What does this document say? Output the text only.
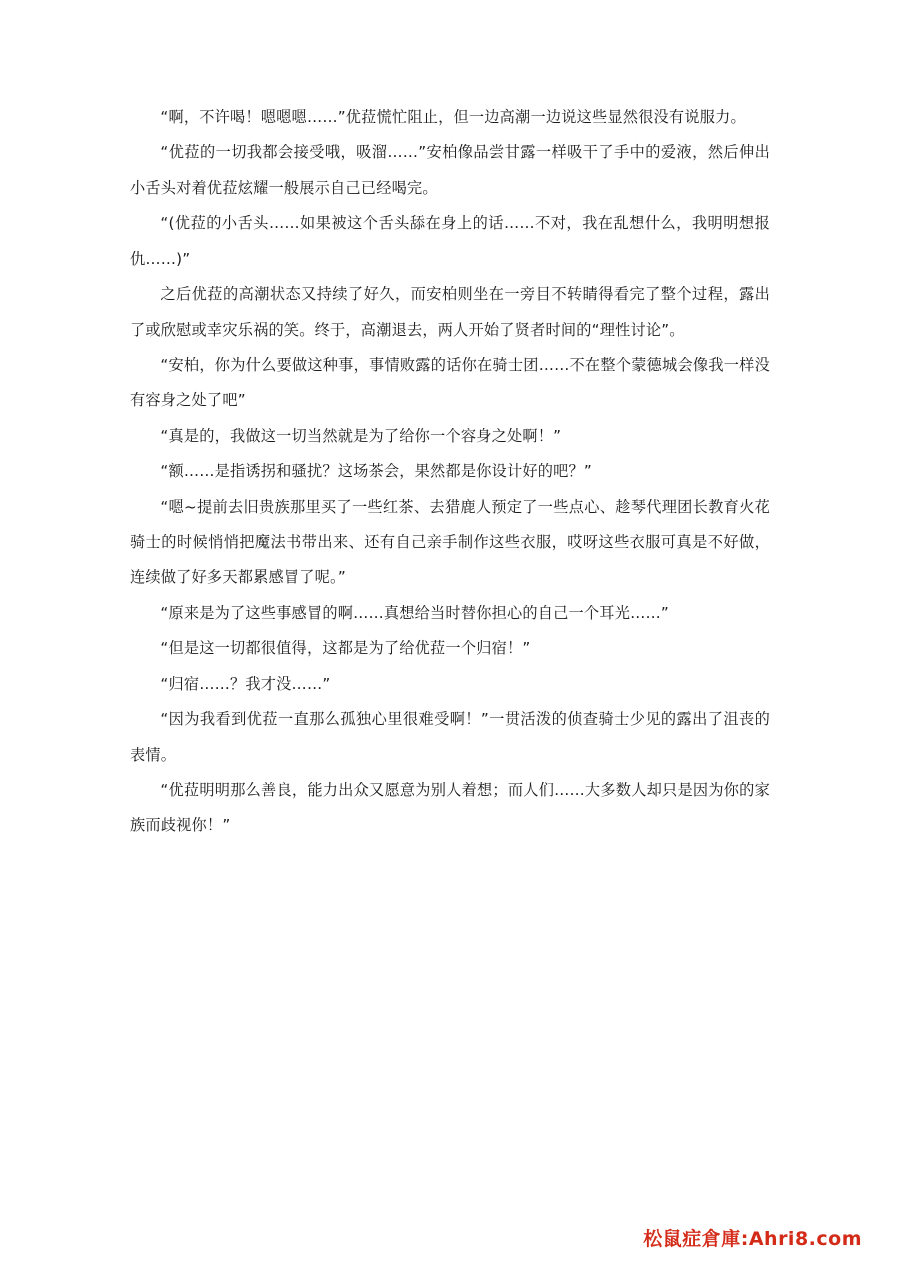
“啊，不许喝！嗯嗯嗯……”优菈慌忙阻止，但一边高潮一边说这些显然很没有说服力。

“优菈的一切我都会接受哦，吸溜……”安柏像品尝甘露一样吸干了手中的爱液，然后伸出小舌头对着优菈炫耀一般展示自己已经喝完。

“(优菈的小舌头……如果被这个舌头舔在身上的话……不对，我在乱想什么，我明明想报仇……)”

之后优菈的高潮状态又持续了好久，而安柏则坐在一旁目不转睛得看完了整个过程，露出了或欣慰或幸灾乐祸的笑。终于，高潮退去，两人开始了贤者时间的“理性讨论”。

“安柏，你为什么要做这种事，事情败露的话你在骑士团……不在整个蒙德城会像我一样没有容身之处了吧”

“真是的，我做这一切当然就是为了给你一个容身之处啊！”

“额……是指诱拐和骚扰？这场茶会，果然都是你设计好的吧？”

“嗯~提前去旧贵族那里买了一些红茶、去猎鹿人预定了一些点心、趁琴代理团长教育火花骑士的时候悄悄把魔法书带出来、还有自己亲手制作这些衣服，哎呀这些衣服可真是不好做，连续做了好多天都累感冒了呢。”

“原来是为了这些事感冒的啊……真想给当时替你担心的自己一个耳光……”

“但是这一切都很值得，这都是为了给优菈一个归宿！”

“归宿……？我才没……”

“因为我看到优菈一直那么孤独心里很难受啊！”一贯活泼的侦查骑士少见的露出了沮丧的表情。

“优菈明明那么善良，能力出众又愿意为别人着想；而人们……大多数人却只是因为你的家族而歧视你！”

松鼠症倉庫:Ahri8.com
